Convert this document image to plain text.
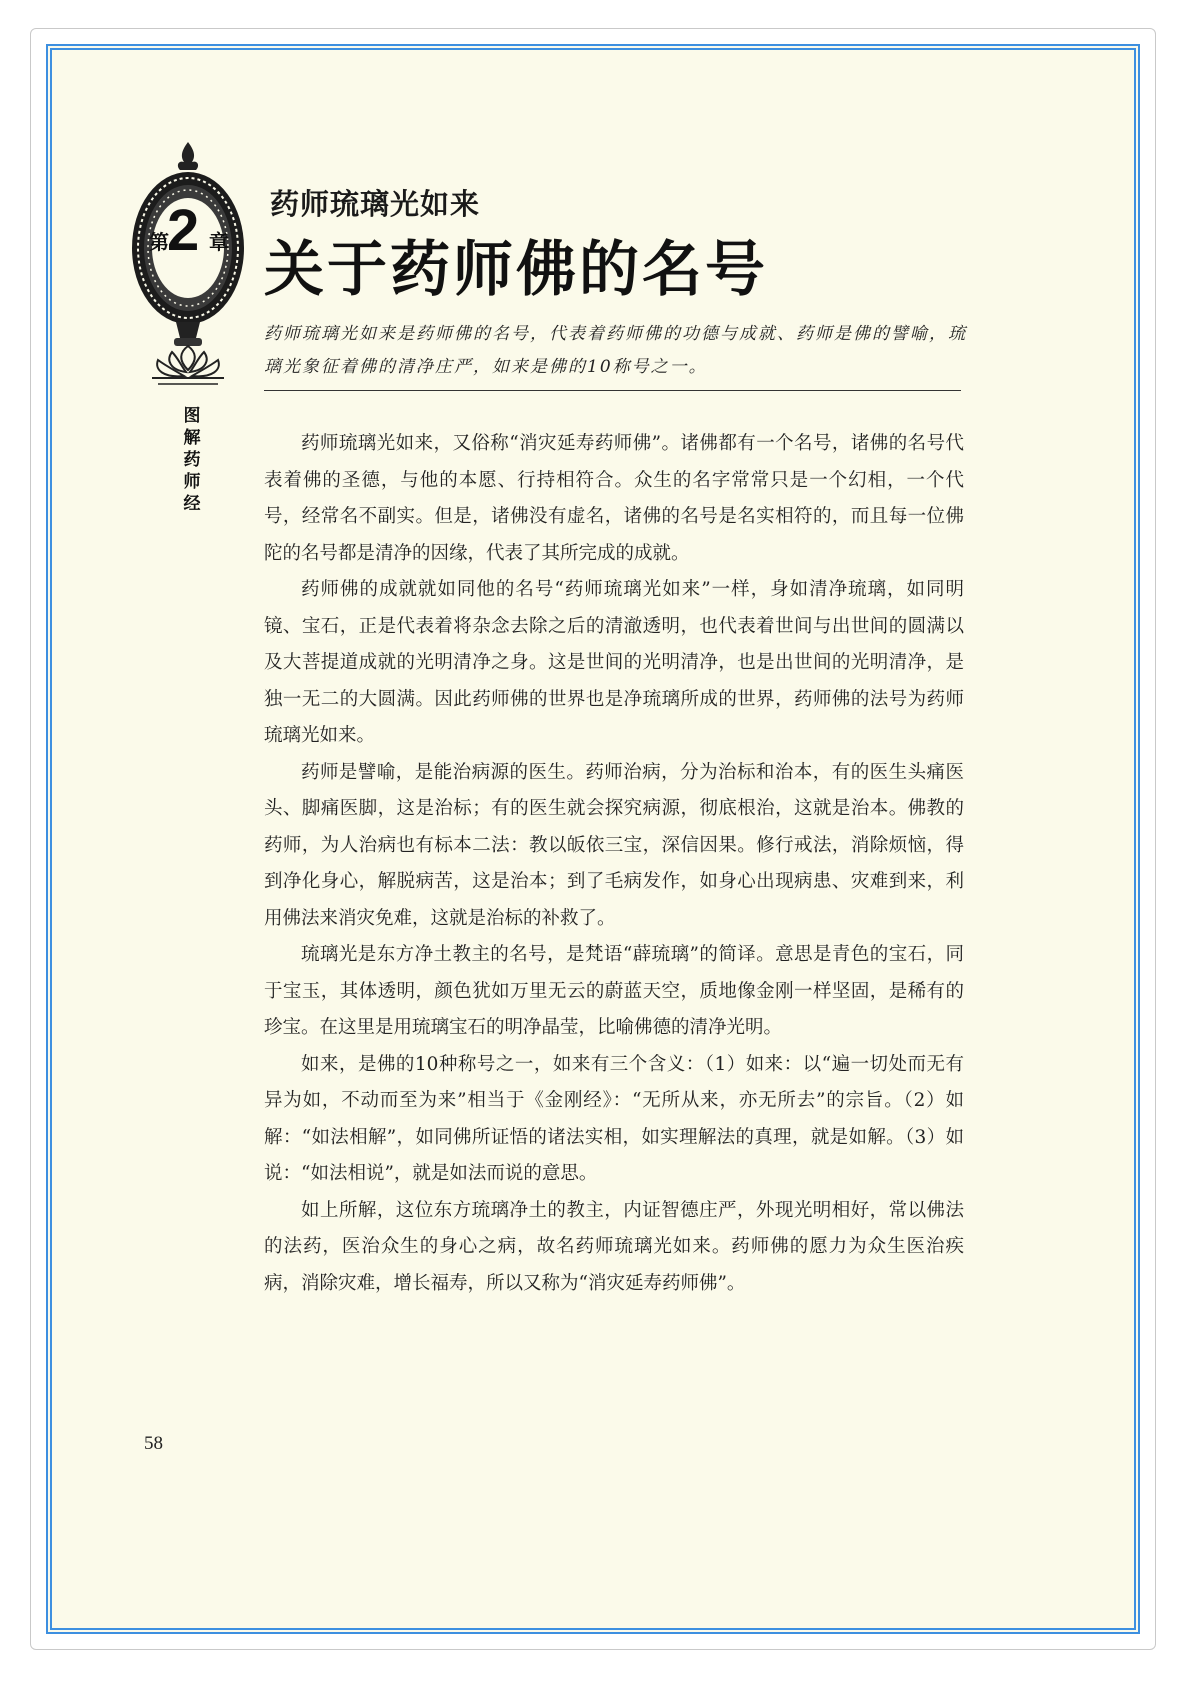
第
2 章
图
解
药
师
经
药师琉璃光如来
关于药师佛的名号
药师琉璃光如来是药师佛的名号，代表着药师佛的功德与成就、药师是佛的譬喻，琉璃光象征着佛的清净庄严，如来是佛的10称号之一。

药师琉璃光如来，又俗称“消灾延寿药师佛”。诸佛都有一个名号，诸佛的名号代表着佛的圣德，与他的本愿、行持相符合。众生的名字常常只是一个幻相，一个代号，经常名不副实。但是，诸佛没有虚名，诸佛的名号是名实相符的，而且每一位佛陀的名号都是清净的因缘，代表了其所完成的成就。

药师佛的成就就如同他的名号“药师琉璃光如来”一样，身如清净琉璃，如同明镜、宝石，正是代表着将杂念去除之后的清澈透明，也代表着世间与出世间的圆满以及大菩提道成就的光明清净之身。这是世间的光明清净，也是出世间的光明清净，是独一无二的大圆满。因此药师佛的世界也是净琉璃所成的世界，药师佛的法号为药师琉璃光如来。

药师是譬喻，是能治病源的医生。药师治病，分为治标和治本，有的医生头痛医头、脚痛医脚，这是治标；有的医生就会探究病源，彻底根治，这就是治本。佛教的药师，为人治病也有标本二法：教以皈依三宝，深信因果。修行戒法，消除烦恼，得到净化身心，解脱病苦，这是治本；到了毛病发作，如身心出现病患、灾难到来，利用佛法来消灾免难，这就是治标的补救了。

琉璃光是东方净土教主的名号，是梵语“薜琉璃”的简译。意思是青色的宝石，同于宝玉，其体透明，颜色犹如万里无云的蔚蓝天空，质地像金刚一样坚固，是稀有的珍宝。在这里是用琉璃宝石的明净晶莹，比喻佛德的清净光明。

如来，是佛的10种称号之一，如来有三个含义：（1）如来：以“遍一切处而无有异为如，不动而至为来”相当于《金刚经》：“无所从来，亦无所去”的宗旨。（2）如解：“如法相解”，如同佛所证悟的诸法实相，如实理解法的真理，就是如解。（3）如说：“如法相说”，就是如法而说的意思。

如上所解，这位东方琉璃净土的教主，内证智德庄严，外现光明相好，常以佛法的法药，医治众生的身心之病，故名药师琉璃光如来。药师佛的愿力为众生医治疾病，消除灾难，增长福寿，所以又称为“消灾延寿药师佛”。

58
